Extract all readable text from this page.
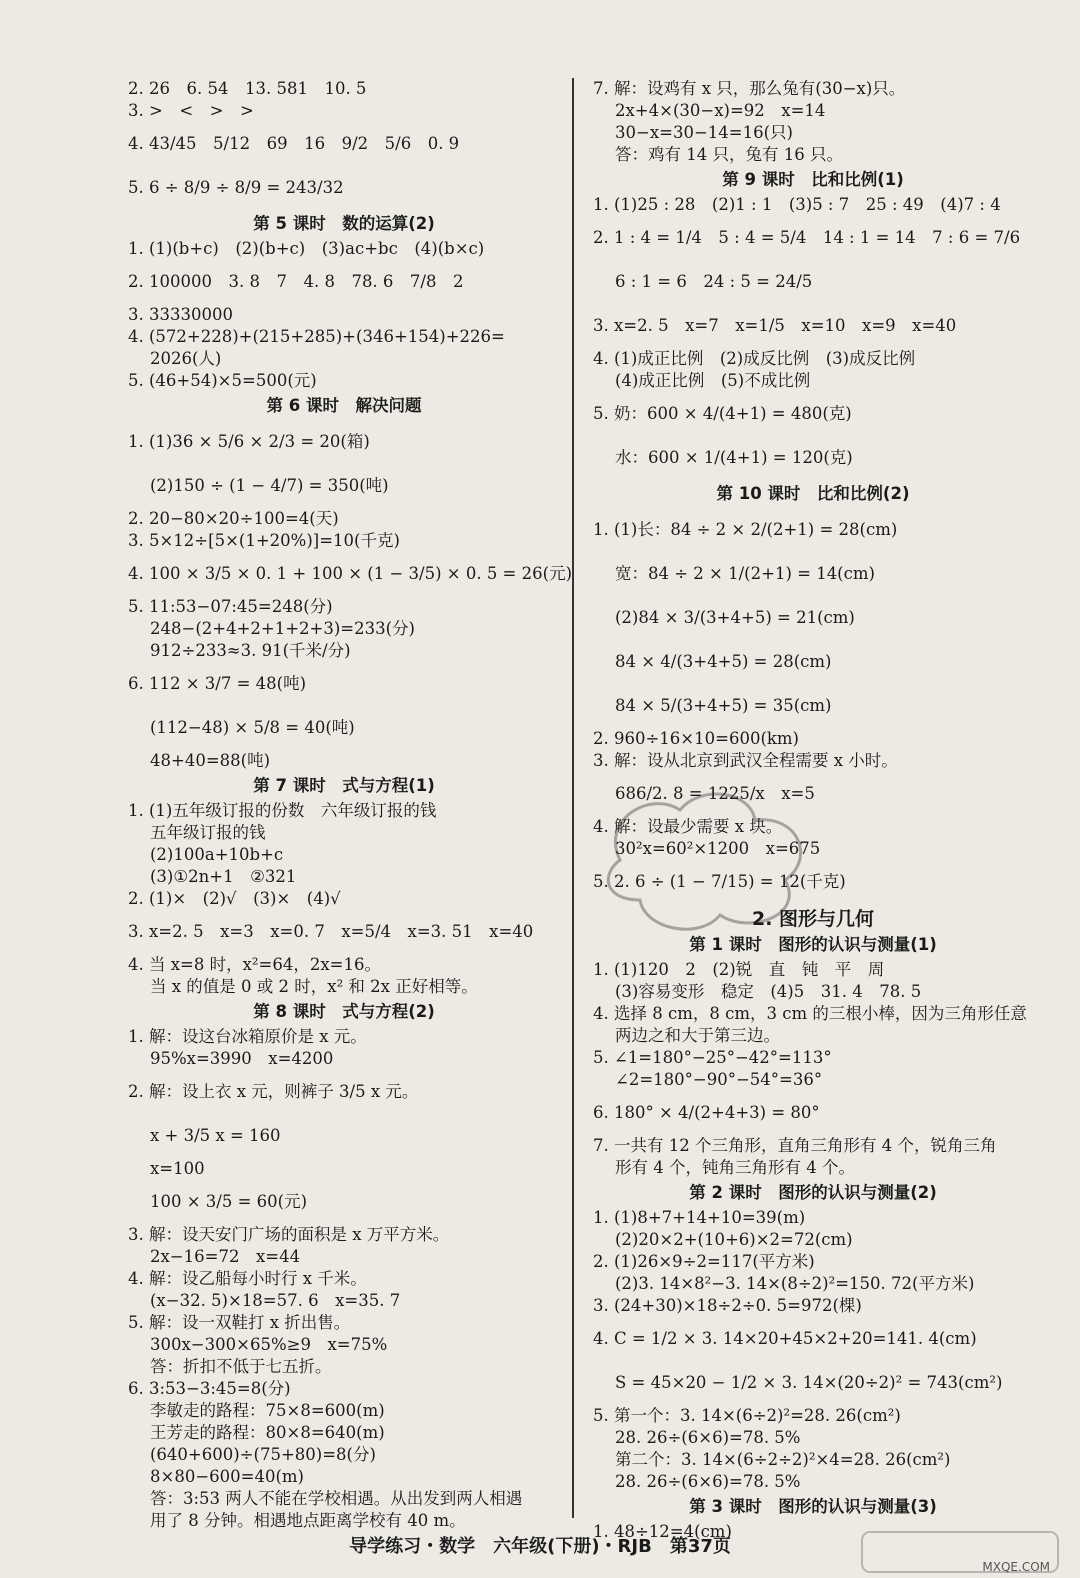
2. 26　6. 54　13. 581　10. 5

3. >　<　>　>

4. 43/45　5/12　69　16　9/2　5/6　0. 9

5. 6 ÷ 8/9 ÷ 8/9 = 243/32

第 5 课时　数的运算(2)

1. (1)(b+c)　(2)(b+c)　(3)ac+bc　(4)(b×c)

2. 100000　3. 8　7　4. 8　78. 6　7/8　2

3. 33330000

4. (572+228)+(215+285)+(346+154)+226=

2026(人)

5. (46+54)×5=500(元)

第 6 课时　解决问题

1. (1)36 × 5/6 × 2/3 = 20(箱)

(2)150 ÷ (1 − 4/7) = 350(吨)

2. 20−80×20÷100=4(天)

3. 5×12÷[5×(1+20%)]=10(千克)

4. 100 × 3/5 × 0. 1 + 100 × (1 − 3/5) × 0. 5 = 26(元)

5. 11:53−07:45=248(分)

248−(2+4+2+1+2+3)=233(分)

912÷233≈3. 91(千米/分)

6. 112 × 3/7 = 48(吨)

(112−48) × 5/8 = 40(吨)

48+40=88(吨)

第 7 课时　式与方程(1)

1. (1)五年级订报的份数　六年级订报的钱

五年级订报的钱

(2)100a+10b+c

(3)①2n+1　②321

2. (1)×　(2)√　(3)×　(4)√

3. x=2. 5　x=3　x=0. 7　x=5/4　x=3. 51　x=40

4. 当 x=8 时，x²=64，2x=16。

当 x 的值是 0 或 2 时，x² 和 2x 正好相等。

第 8 课时　式与方程(2)

1. 解：设这台冰箱原价是 x 元。

95%x=3990　x=4200

2. 解：设上衣 x 元，则裤子 3/5 x 元。

x + 3/5 x = 160

x=100

100 × 3/5 = 60(元)

3. 解：设天安门广场的面积是 x 万平方米。

2x−16=72　x=44

4. 解：设乙船每小时行 x 千米。

(x−32. 5)×18=57. 6　x=35. 7

5. 解：设一双鞋打 x 折出售。

300x−300×65%≥9　x=75%

答：折扣不低于七五折。

6. 3:53−3:45=8(分)

李敏走的路程：75×8=600(m)

王芳走的路程：80×8=640(m)

(640+600)÷(75+80)=8(分)

8×80−600=40(m)

答：3:53 两人不能在学校相遇。从出发到两人相遇

用了 8 分钟。相遇地点距离学校有 40 m。

7. 解：设鸡有 x 只，那么兔有(30−x)只。

2x+4×(30−x)=92　x=14

30−x=30−14=16(只)

答：鸡有 14 只，兔有 16 只。

第 9 课时　比和比例(1)

1. (1)25 : 28　(2)1 : 1　(3)5 : 7　25 : 49　(4)7 : 4

2. 1 : 4 = 1/4　5 : 4 = 5/4　14 : 1 = 14　7 : 6 = 7/6

6 : 1 = 6　24 : 5 = 24/5

3. x=2. 5　x=7　x=1/5　x=10　x=9　x=40

4. (1)成正比例　(2)成反比例　(3)成反比例

(4)成正比例　(5)不成比例

5. 奶：600 × 4/(4+1) = 480(克)

水：600 × 1/(4+1) = 120(克)

第 10 课时　比和比例(2)

1. (1)长：84 ÷ 2 × 2/(2+1) = 28(cm)

宽：84 ÷ 2 × 1/(2+1) = 14(cm)

(2)84 × 3/(3+4+5) = 21(cm)

84 × 4/(3+4+5) = 28(cm)

84 × 5/(3+4+5) = 35(cm)

2. 960÷16×10=600(km)

3. 解：设从北京到武汉全程需要 x 小时。

686/2. 8 = 1225/x　x=5

4. 解：设最少需要 x 块。

30²x=60²×1200　x=675

5. 2. 6 ÷ (1 − 7/15) = 12(千克)

2. 图形与几何

第 1 课时　图形的认识与测量(1)

1. (1)120　2　(2)锐　直　钝　平　周

(3)容易变形　稳定　(4)5　31. 4　78. 5

4. 选择 8 cm，8 cm，3 cm 的三根小棒，因为三角形任意

两边之和大于第三边。

5. ∠1=180°−25°−42°=113°

∠2=180°−90°−54°=36°

6. 180° × 4/(2+4+3) = 80°

7. 一共有 12 个三角形，直角三角形有 4 个，锐角三角

形有 4 个，钝角三角形有 4 个。

第 2 课时　图形的认识与测量(2)

1. (1)8+7+14+10=39(m)

(2)20×2+(10+6)×2=72(cm)

2. (1)26×9÷2=117(平方米)

(2)3. 14×8²−3. 14×(8÷2)²=150. 72(平方米)

3. (24+30)×18÷2÷0. 5=972(棵)

4. C = 1/2 × 3. 14×20+45×2+20=141. 4(cm)

S = 45×20 − 1/2 × 3. 14×(20÷2)² = 743(cm²)

5. 第一个：3. 14×(6÷2)²=28. 26(cm²)

28. 26÷(6×6)=78. 5%

第二个：3. 14×(6÷2÷2)²×4=28. 26(cm²)

28. 26÷(6×6)=78. 5%

第 3 课时　图形的认识与测量(3)

1. 48÷12=4(cm)

导学练习・数学　六年级(下册)・RJB　第37页
MXQE.COM
